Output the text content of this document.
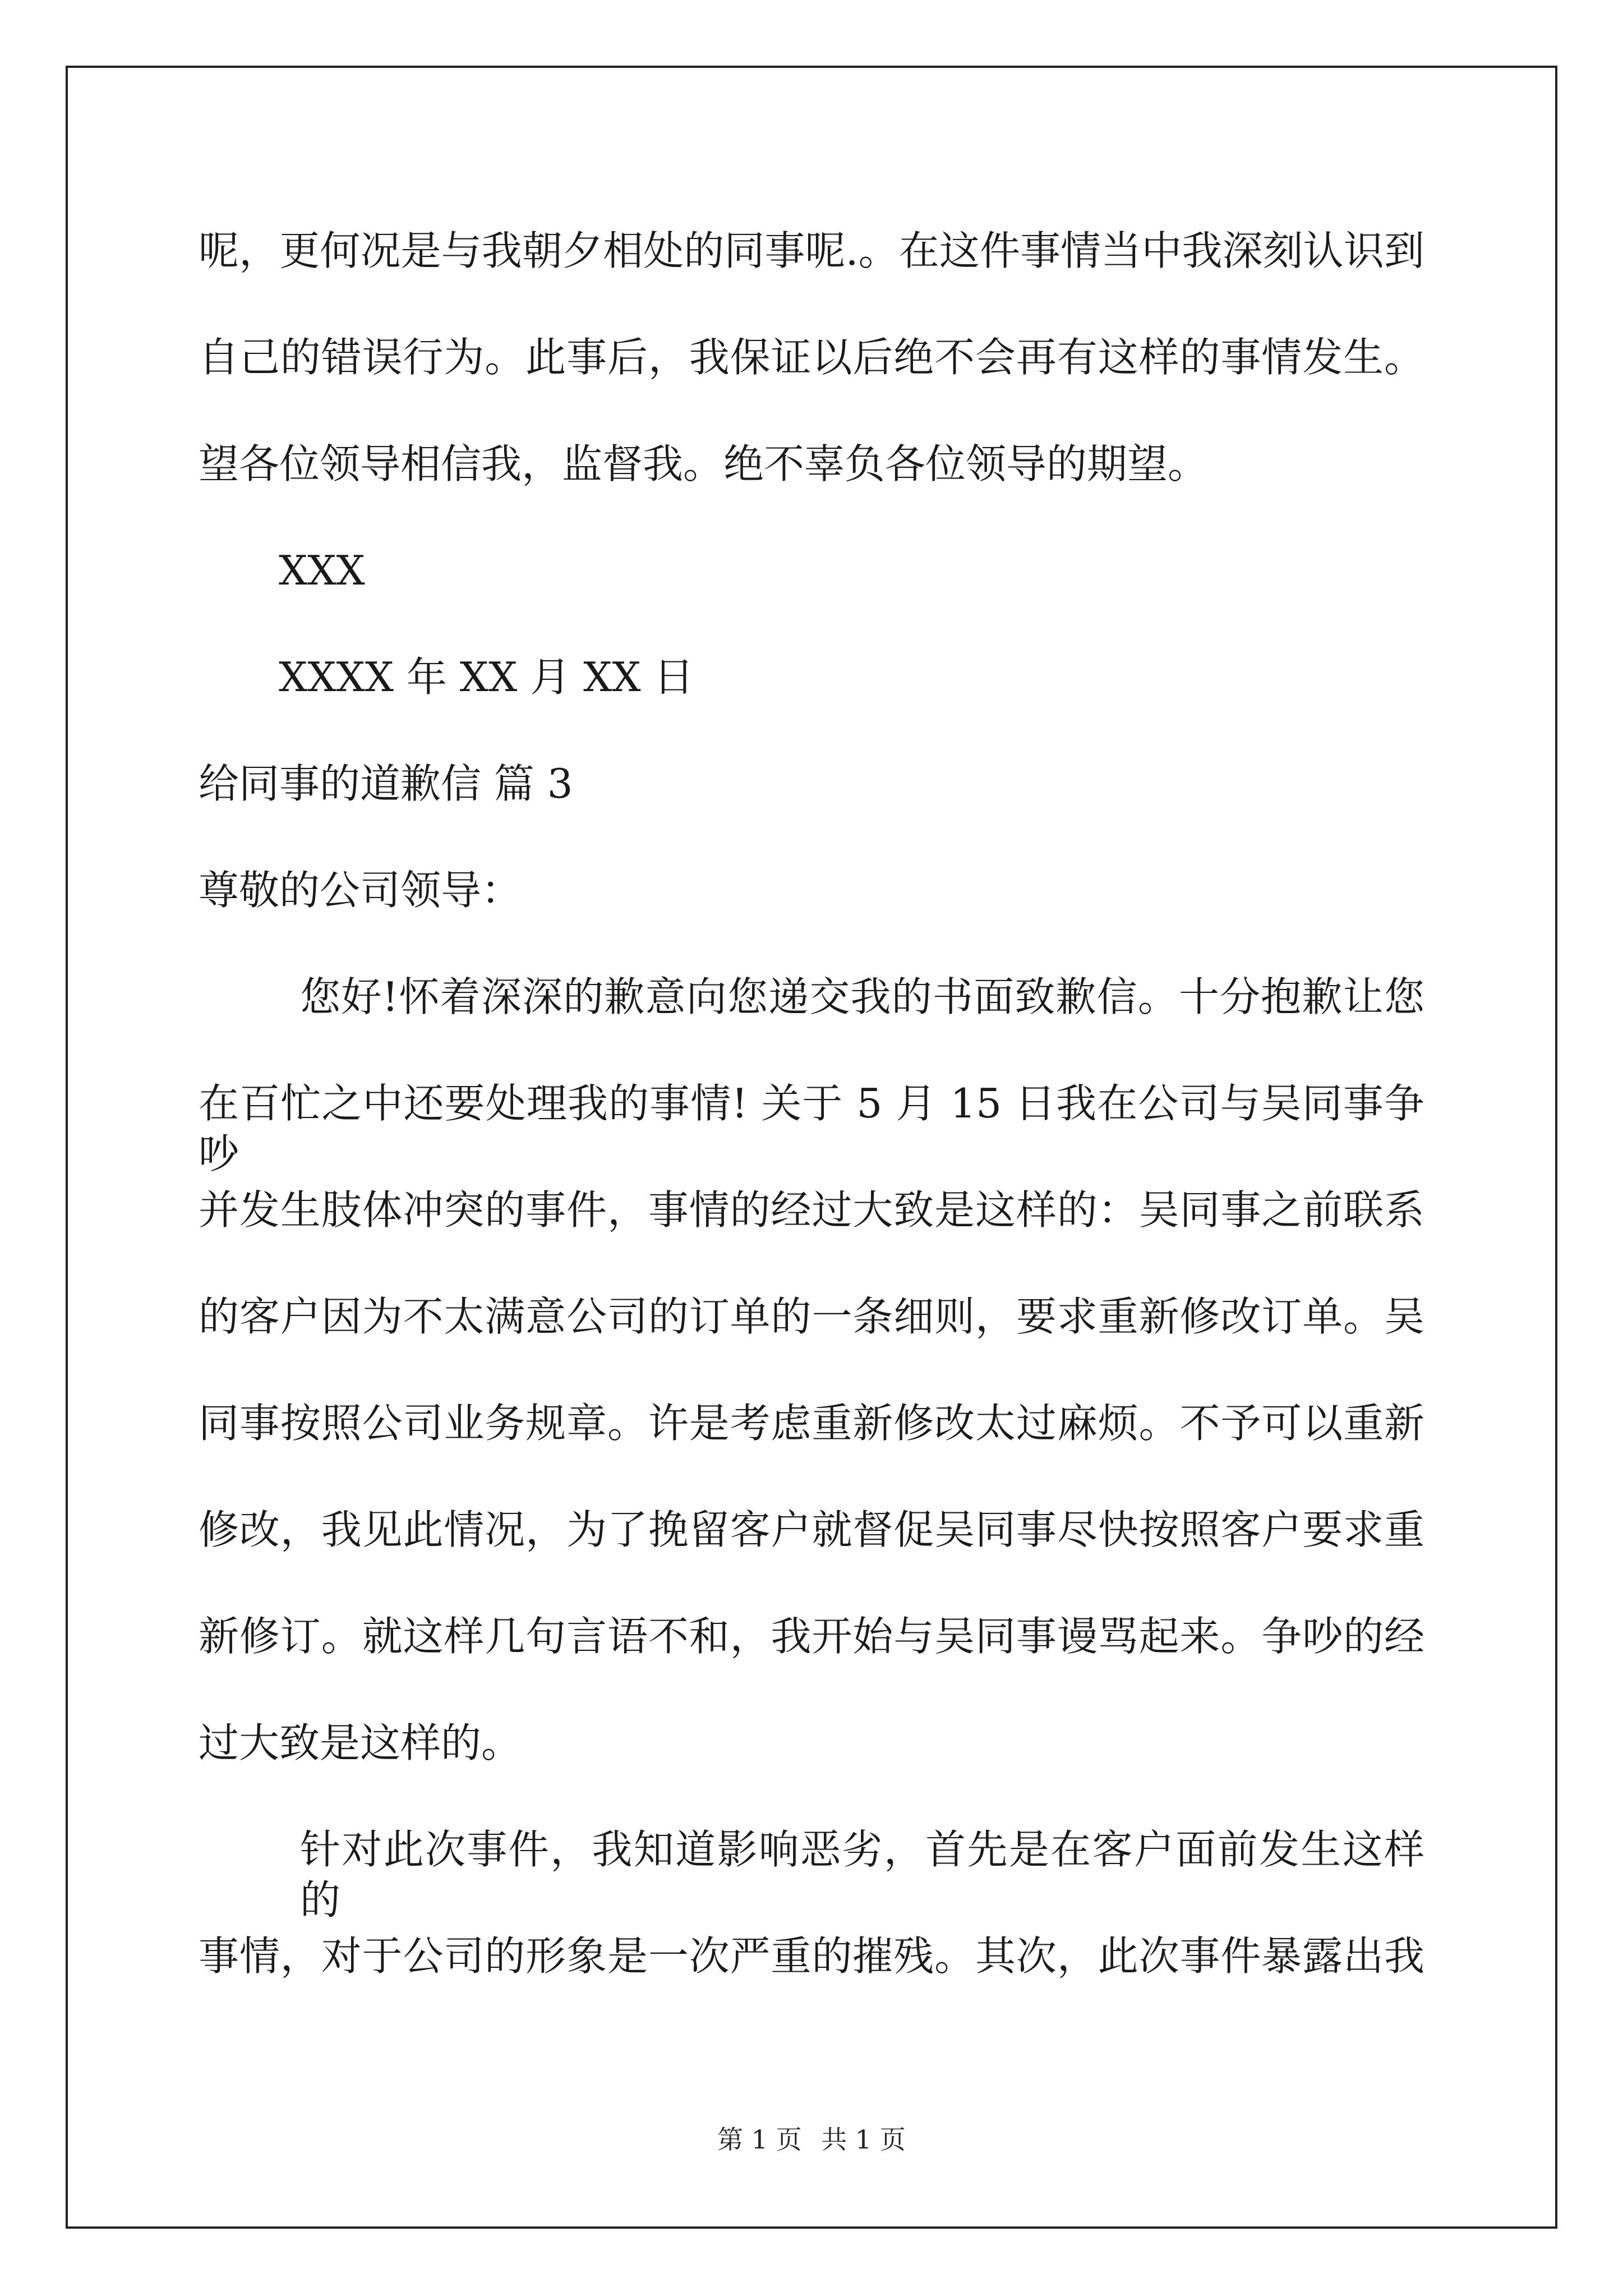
呢，更何况是与我朝夕相处的同事呢.。在这件事情当中我深刻认识到
自己的错误行为。此事后，我保证以后绝不会再有这样的事情发生。
望各位领导相信我，监督我。绝不辜负各位领导的期望。
XXX
XXXX 年 XX 月 XX 日
给同事的道歉信 篇 3
尊敬的公司领导：
您好!怀着深深的歉意向您递交我的书面致歉信。十分抱歉让您
在百忙之中还要处理我的事情! 关于 5 月 15 日我在公司与吴同事争吵
并发生肢体冲突的事件，事情的经过大致是这样的：吴同事之前联系
的客户因为不太满意公司的订单的一条细则，要求重新修改订单。吴
同事按照公司业务规章。许是考虑重新修改太过麻烦。不予可以重新
修改，我见此情况，为了挽留客户就督促吴同事尽快按照客户要求重
新修订。就这样几句言语不和，我开始与吴同事谩骂起来。争吵的经
过大致是这样的。
针对此次事件，我知道影响恶劣，首先是在客户面前发生这样的
事情，对于公司的形象是一次严重的摧残。其次，此次事件暴露出我
第 1 页 共 1 页
